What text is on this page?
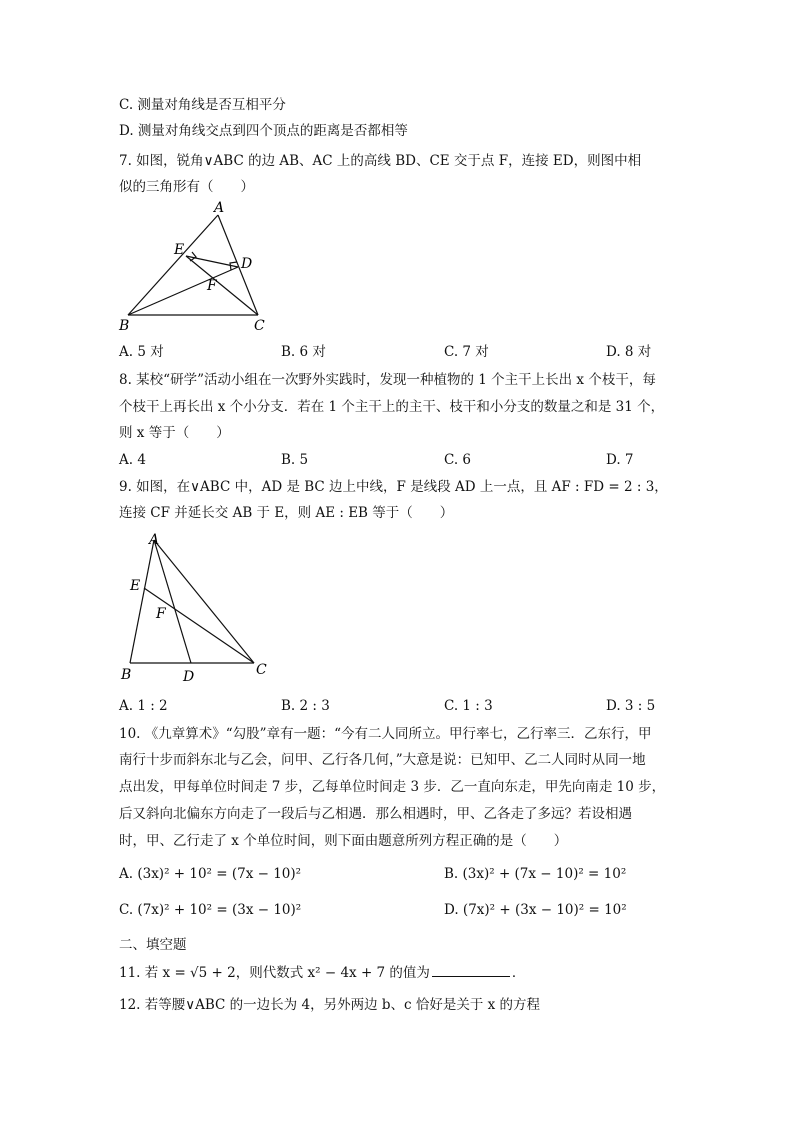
C. 测量对角线是否互相平分
D. 测量对角线交点到四个顶点的距离是否都相等
7. 如图，锐角∨ABC 的边 AB、AC 上的高线 BD、CE 交于点 F，连接 ED，则图中相
似的三角形有（　　）
A
E
D
F
B	C
A. 5 对	B. 6 对	C. 7 对	D. 8 对
8. 某校“研学”活动小组在一次野外实践时，发现一种植物的 1 个主干上长出 x 个枝干，每
个枝干上再长出 x 个小分支．若在 1 个主干上的主干、枝干和小分支的数量之和是 31 个，
则 x 等于（　　）
A. 4	B. 5	C. 6	D. 7
9. 如图，在∨ABC 中，AD 是 BC 边上中线，F 是线段 AD 上一点，且 AF : FD = 2 : 3，
连接 CF 并延长交 AB 于 E，则 AE : EB 等于（　　）
A
E
F
B	D	C
A. 1 : 2	B. 2 : 3	C. 1 : 3	D. 3 : 5
10. 《九章算术》“勾股”章有一题：“今有二人同所立。甲行率七，乙行率三．乙东行，甲
南行十步而斜东北与乙会，问甲、乙行各几何，”大意是说：已知甲、乙二人同时从同一地
点出发，甲每单位时间走 7 步，乙每单位时间走 3 步．乙一直向东走，甲先向南走 10 步，
后又斜向北偏东方向走了一段后与乙相遇．那么相遇时，甲、乙各走了多远？若设相遇
时，甲、乙行走了 x 个单位时间，则下面由题意所列方程正确的是（　　）
A. (3x)² + 10² = (7x − 10)²	B. (3x)² + (7x − 10)² = 10²
C. (7x)² + 10² = (3x − 10)²	D. (7x)² + (3x − 10)² = 10²
二、填空题
11. 若 x = √5 + 2，则代数式 x² − 4x + 7 的值为	．
12. 若等腰∨ABC 的一边长为 4，另外两边 b、c 恰好是关于 x 的方程
